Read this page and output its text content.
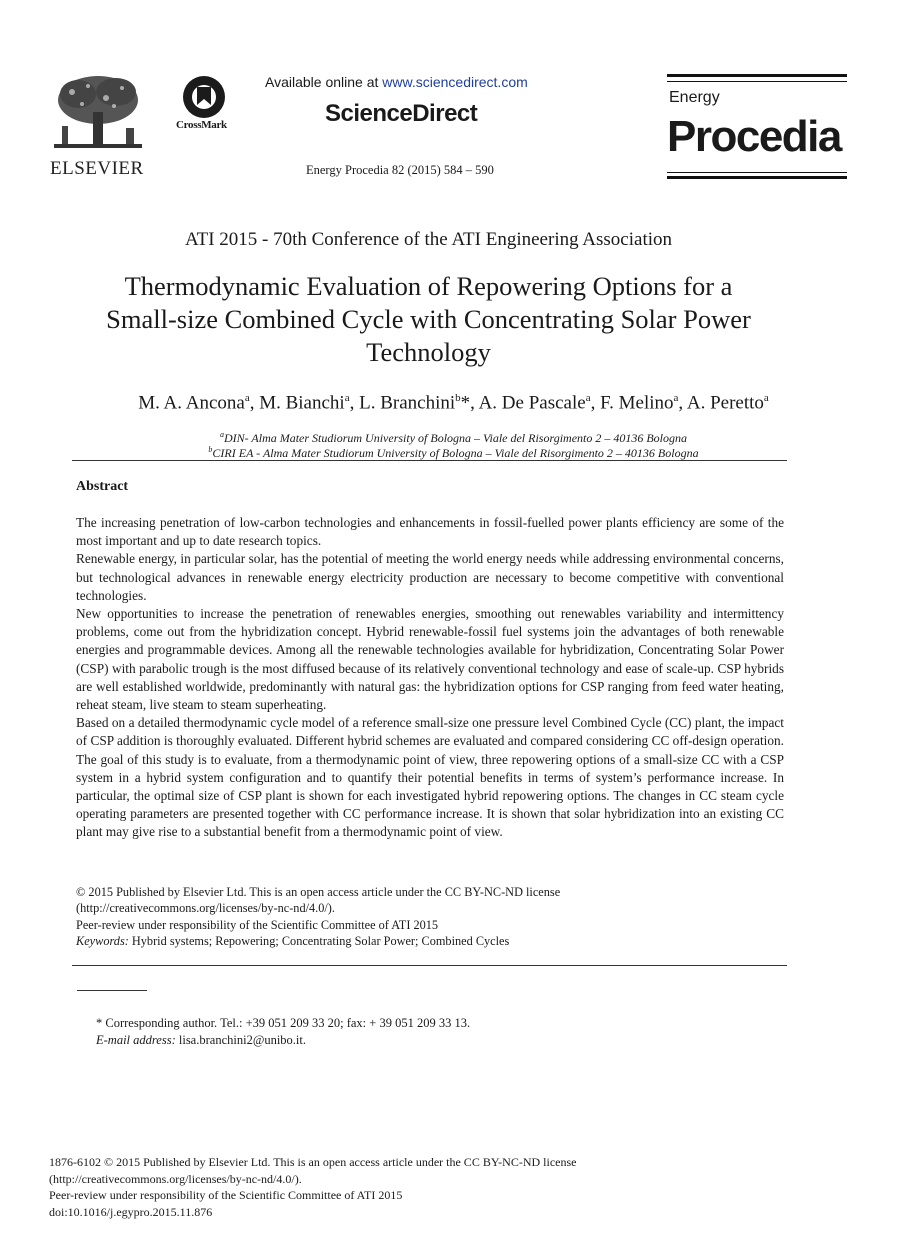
ELSEVIER
CrossMark
Available online at www.sciencedirect.com
ScienceDirect
Energy Procedia 82 (2015) 584 – 590
Energy
Procedia
ATI 2015 - 70th Conference of the ATI Engineering Association
Thermodynamic Evaluation of Repowering Options for a
Small-size Combined Cycle with Concentrating Solar Power
Technology
M. A. Ancona$^a$, M. Bianchi$^a$, L. Branchini$^b$*, A. De Pascale$^a$, F. Melino$^a$, A. Peretto$^a$
$^a$DIN- Alma Mater Studiorum University of Bologna – Viale del Risorgimento 2 – 40136 Bologna
$^b$CIRI EA - Alma Mater Studiorum University of Bologna – Viale del Risorgimento 2 – 40136 Bologna
Abstract

The increasing penetration of low-carbon technologies and enhancements in fossil-fuelled power plants efficiency are some of the most important and up to date research topics.

Renewable energy, in particular solar, has the potential of meeting the world energy needs while addressing environmental concerns, but technological advances in renewable energy electricity production are necessary to become competitive with conventional technologies.

New opportunities to increase the penetration of renewables energies, smoothing out renewables variability and intermittency problems, come out from the hybridization concept. Hybrid renewable-fossil fuel systems join the advantages of both renewable energies and programmable devices. Among all the renewable technologies available for hybridization, Concentrating Solar Power (CSP) with parabolic trough is the most diffused because of its relatively conventional technology and ease of scale-up. CSP hybrids are well established worldwide, predominantly with natural gas: the hybridization options for CSP ranging from feed water heating, reheat steam, live steam to steam superheating.

Based on a detailed thermodynamic cycle model of a reference small-size one pressure level Combined Cycle (CC) plant, the impact of CSP addition is thoroughly evaluated. Different hybrid schemes are evaluated and compared considering CC off-design operation. The goal of this study is to evaluate, from a thermodynamic point of view, three repowering options of a small-size CC with a CSP system in a hybrid system configuration and to quantify their potential benefits in terms of system’s performance increase. In particular, the optimal size of CSP plant is shown for each investigated hybrid repowering options. The changes in CC steam cycle operating parameters are presented together with CC performance increase. It is shown that solar hybridization into an existing CC plant may give rise to a substantial benefit from a thermodynamic point of view.

© 2015 Published by Elsevier Ltd. This is an open access article under the CC BY-NC-ND license
(http://creativecommons.org/licenses/by-nc-nd/4.0/).
Peer-review under responsibility of the Scientific Committee of ATI 2015
Keywords: Hybrid systems; Repowering; Concentrating Solar Power; Combined Cycles
* Corresponding author. Tel.: +39 051 209 33 20; fax: + 39 051 209 33 13.
E-mail address: lisa.branchini2@unibo.it.
1876-6102 © 2015 Published by Elsevier Ltd. This is an open access article under the CC BY-NC-ND license
(http://creativecommons.org/licenses/by-nc-nd/4.0/).
Peer-review under responsibility of the Scientific Committee of ATI 2015
doi:10.1016/j.egypro.2015.11.876
